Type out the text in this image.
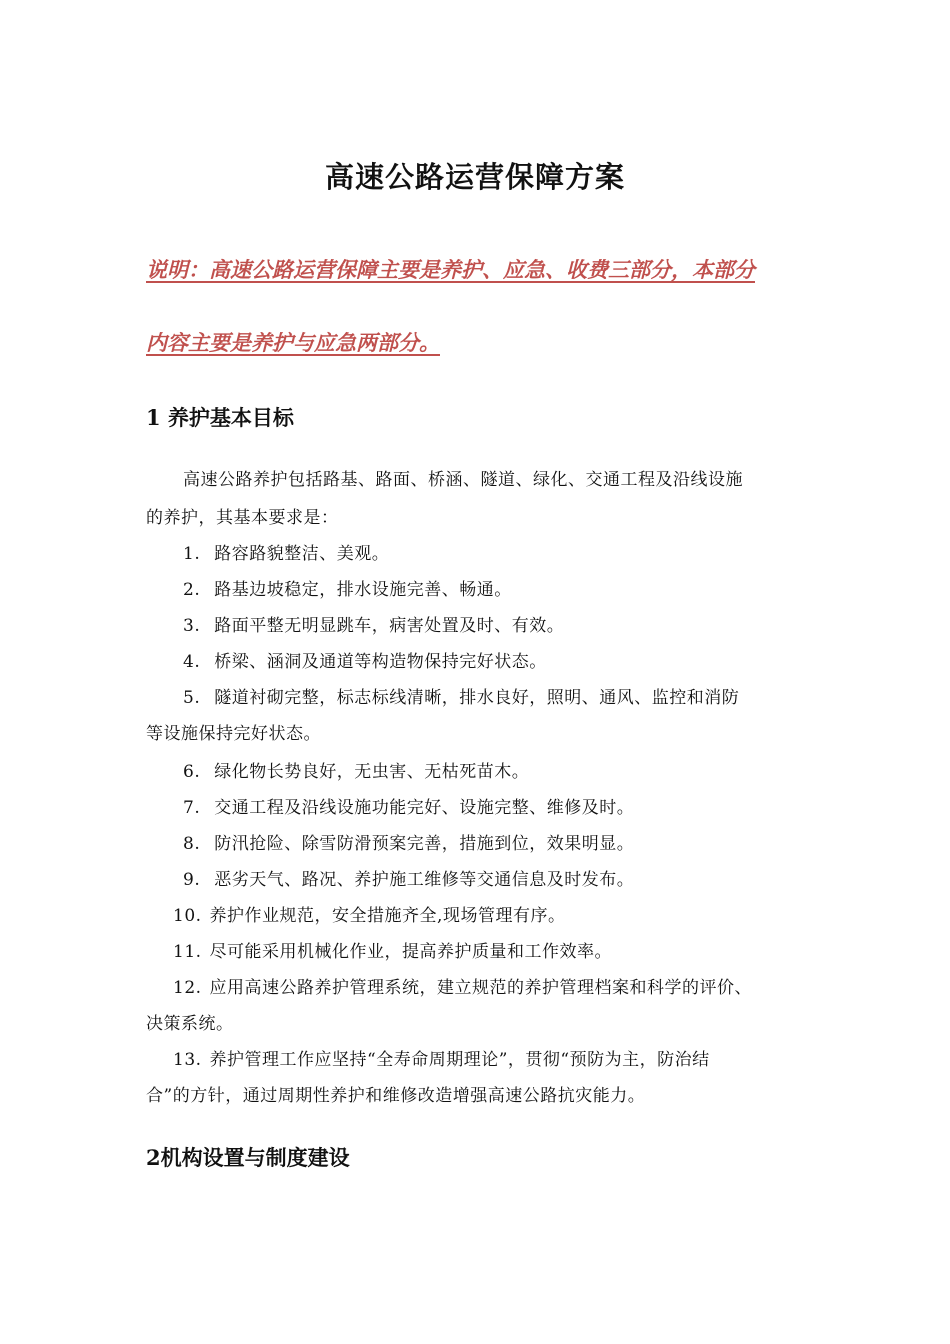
高速公路运营保障方案
说明：高速公路运营保障主要是养护、应急、收费三部分，本部分
内容主要是养护与应急两部分。
1 养护基本目标
高速公路养护包括路基、路面、桥涵、隧道、绿化、交通工程及沿线设施
的养护，其基本要求是：
1. 路容路貌整洁、美观。
2. 路基边坡稳定，排水设施完善、畅通。
3. 路面平整无明显跳车，病害处置及时、有效。
4. 桥梁、涵洞及通道等构造物保持完好状态。
5. 隧道衬砌完整，标志标线清晰，排水良好，照明、通风、监控和消防
等设施保持完好状态。
6. 绿化物长势良好，无虫害、无枯死苗木。
7. 交通工程及沿线设施功能完好、设施完整、维修及时。
8. 防汛抢险、除雪防滑预案完善，措施到位，效果明显。
9. 恶劣天气、路况、养护施工维修等交通信息及时发布。
10. 养护作业规范，安全措施齐全,现场管理有序。
11. 尽可能采用机械化作业，提高养护质量和工作效率。
12. 应用高速公路养护管理系统，建立规范的养护管理档案和科学的评价、
决策系统。
13. 养护管理工作应坚持“全寿命周期理论”，贯彻“预防为主，防治结
合”的方针，通过周期性养护和维修改造增强高速公路抗灾能力。
2机构设置与制度建设
